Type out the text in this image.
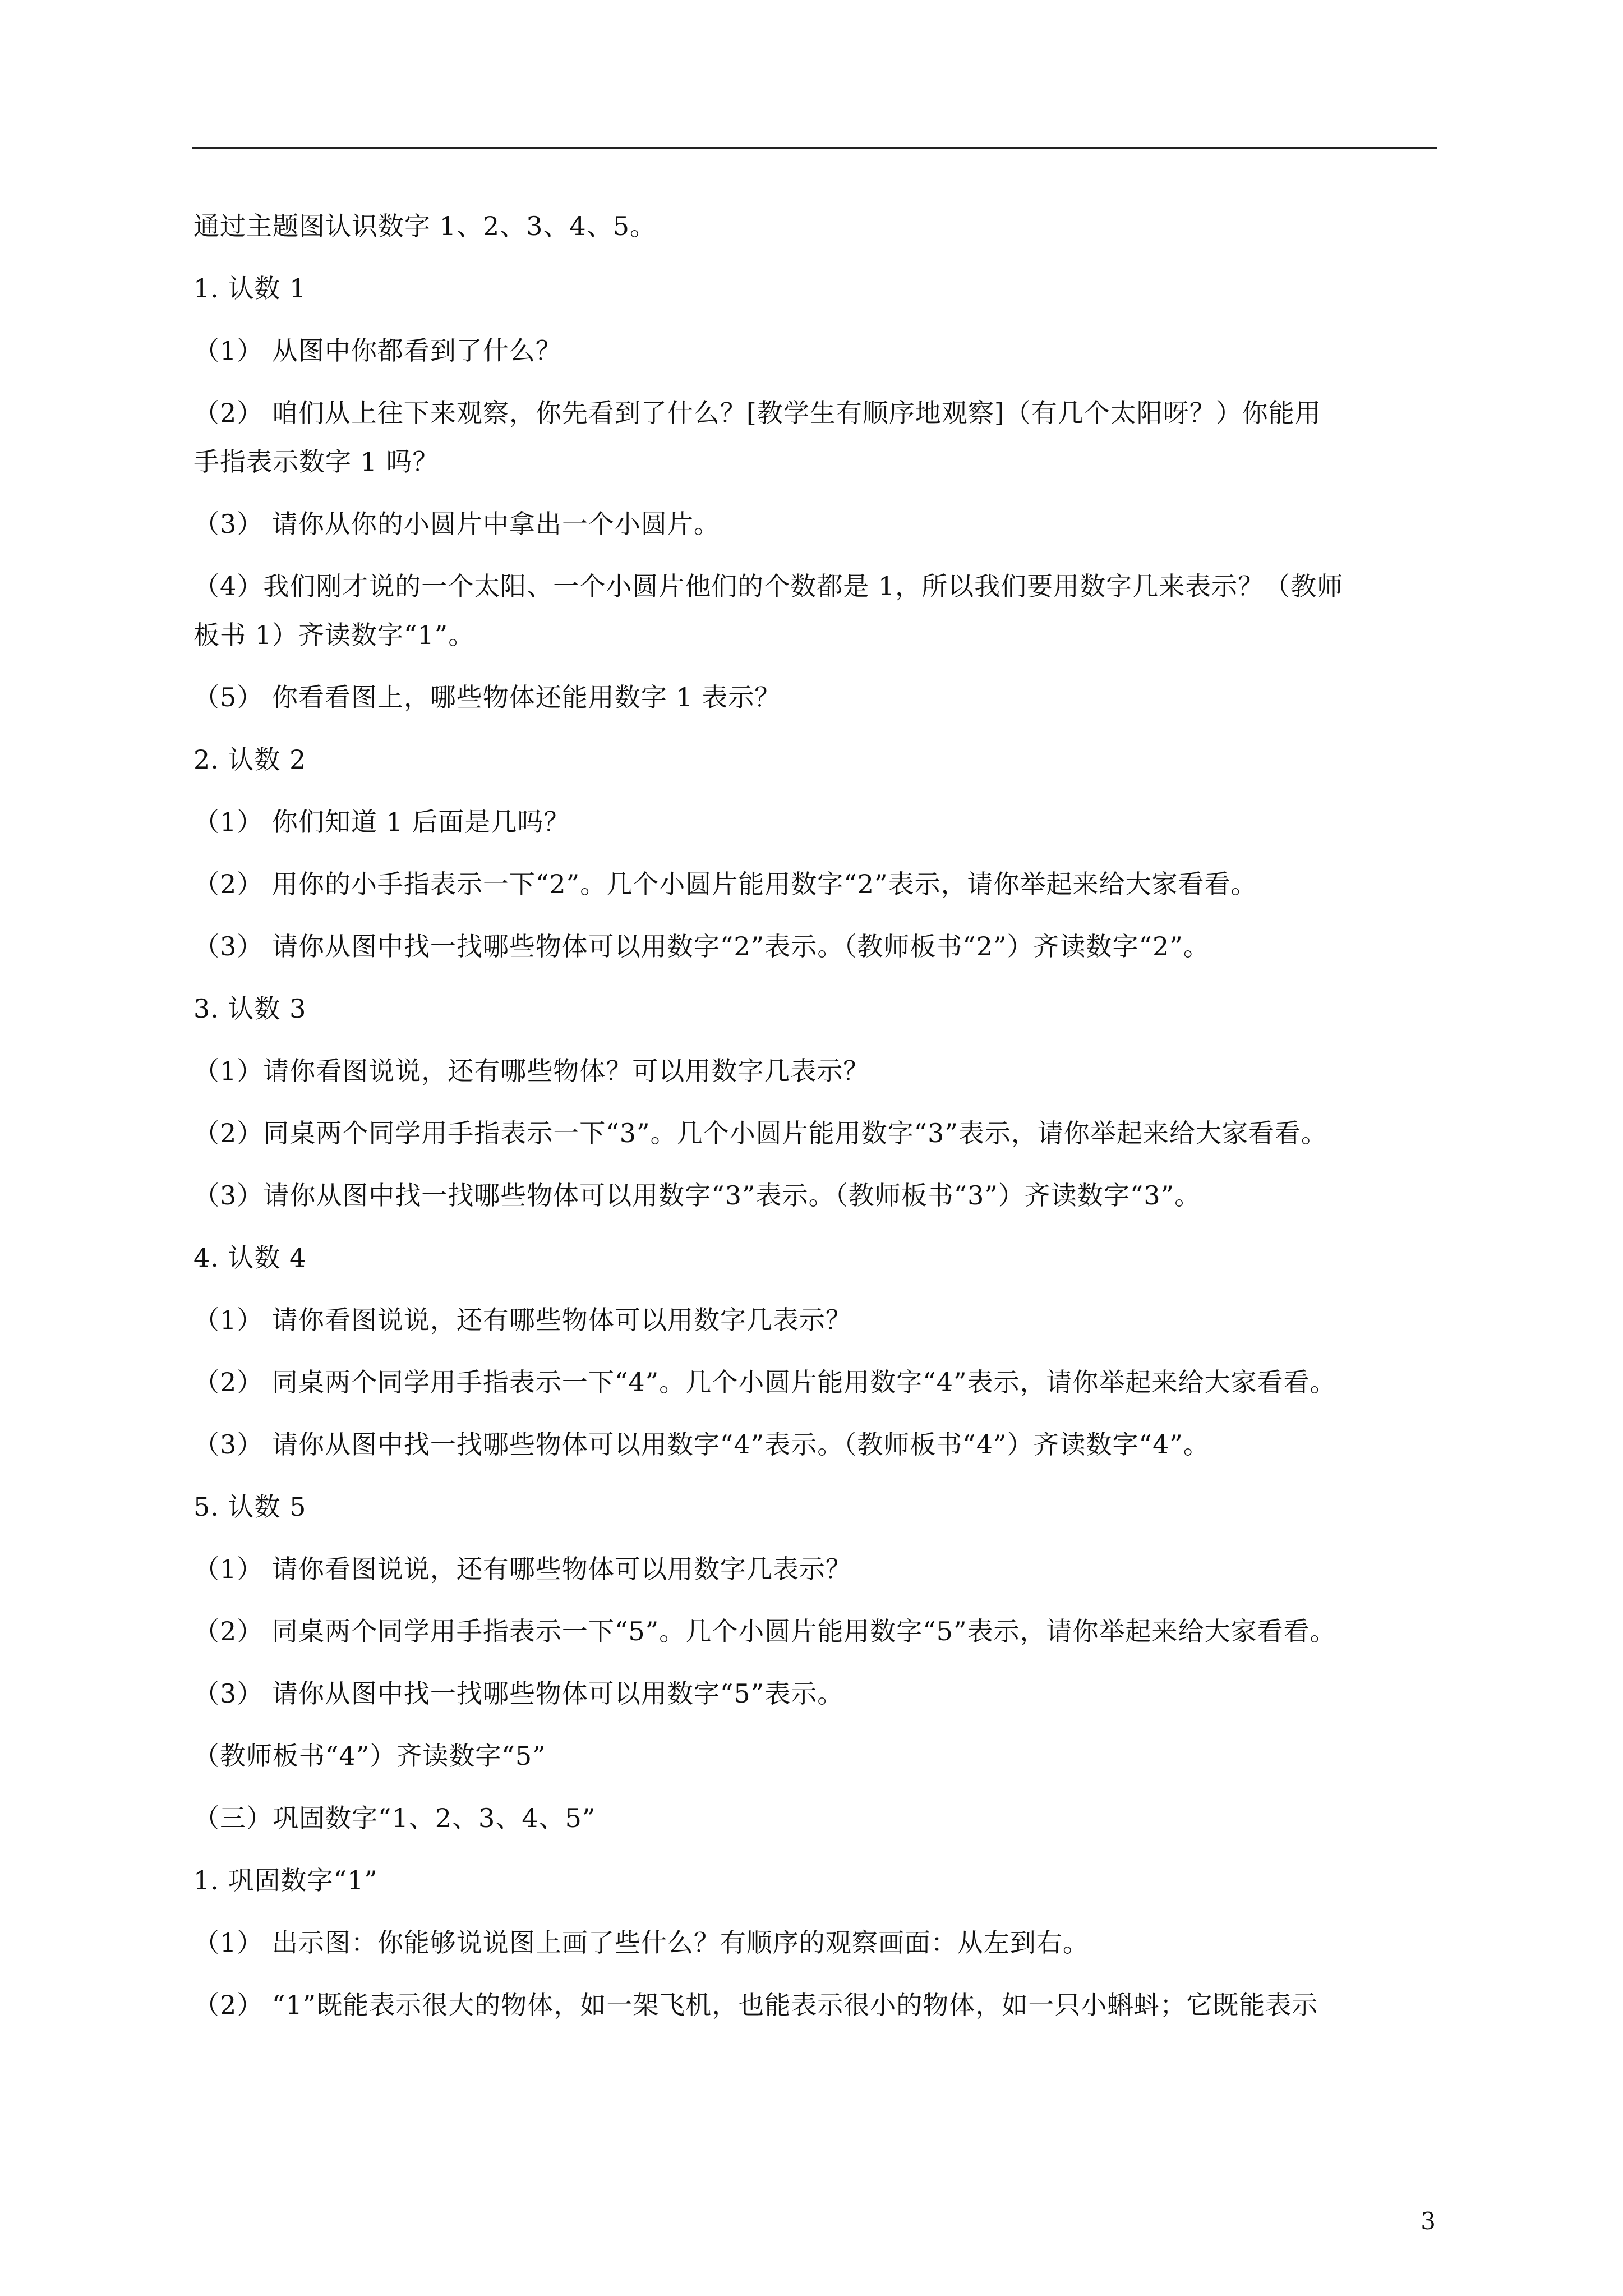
通过主题图认识数字 1、2、3、4、5。

1. 认数 1

（1） 从图中你都看到了什么？

（2） 咱们从上往下来观察，你先看到了什么？[教学生有顺序地观察]（有几个太阳呀？）你能用

手指表示数字 1 吗？

（3） 请你从你的小圆片中拿出一个小圆片。

（4）我们刚才说的一个太阳、一个小圆片他们的个数都是 1，所以我们要用数字几来表示？（教师

板书 1）齐读数字“1”。

（5） 你看看图上，哪些物体还能用数字 1 表示？

2. 认数 2

（1） 你们知道 1 后面是几吗？

（2） 用你的小手指表示一下“2”。几个小圆片能用数字“2”表示，请你举起来给大家看看。

（3） 请你从图中找一找哪些物体可以用数字“2”表示。（教师板书“2”）齐读数字“2”。

3. 认数 3

（1）请你看图说说，还有哪些物体？可以用数字几表示？

（2）同桌两个同学用手指表示一下“3”。几个小圆片能用数字“3”表示，请你举起来给大家看看。

（3）请你从图中找一找哪些物体可以用数字“3”表示。（教师板书“3”）齐读数字“3”。

4. 认数 4

（1） 请你看图说说，还有哪些物体可以用数字几表示？

（2） 同桌两个同学用手指表示一下“4”。几个小圆片能用数字“4”表示，请你举起来给大家看看。

（3） 请你从图中找一找哪些物体可以用数字“4”表示。（教师板书“4”）齐读数字“4”。

5. 认数 5

（1） 请你看图说说，还有哪些物体可以用数字几表示？

（2） 同桌两个同学用手指表示一下“5”。几个小圆片能用数字“5”表示，请你举起来给大家看看。

（3） 请你从图中找一找哪些物体可以用数字“5”表示。

（教师板书“4”）齐读数字“5”

（三）巩固数字“1、2、3、4、5”

1. 巩固数字“1”

（1） 出示图：你能够说说图上画了些什么？有顺序的观察画面：从左到右。

（2） “1”既能表示很大的物体，如一架飞机，也能表示很小的物体，如一只小蝌蚪；它既能表示

3
